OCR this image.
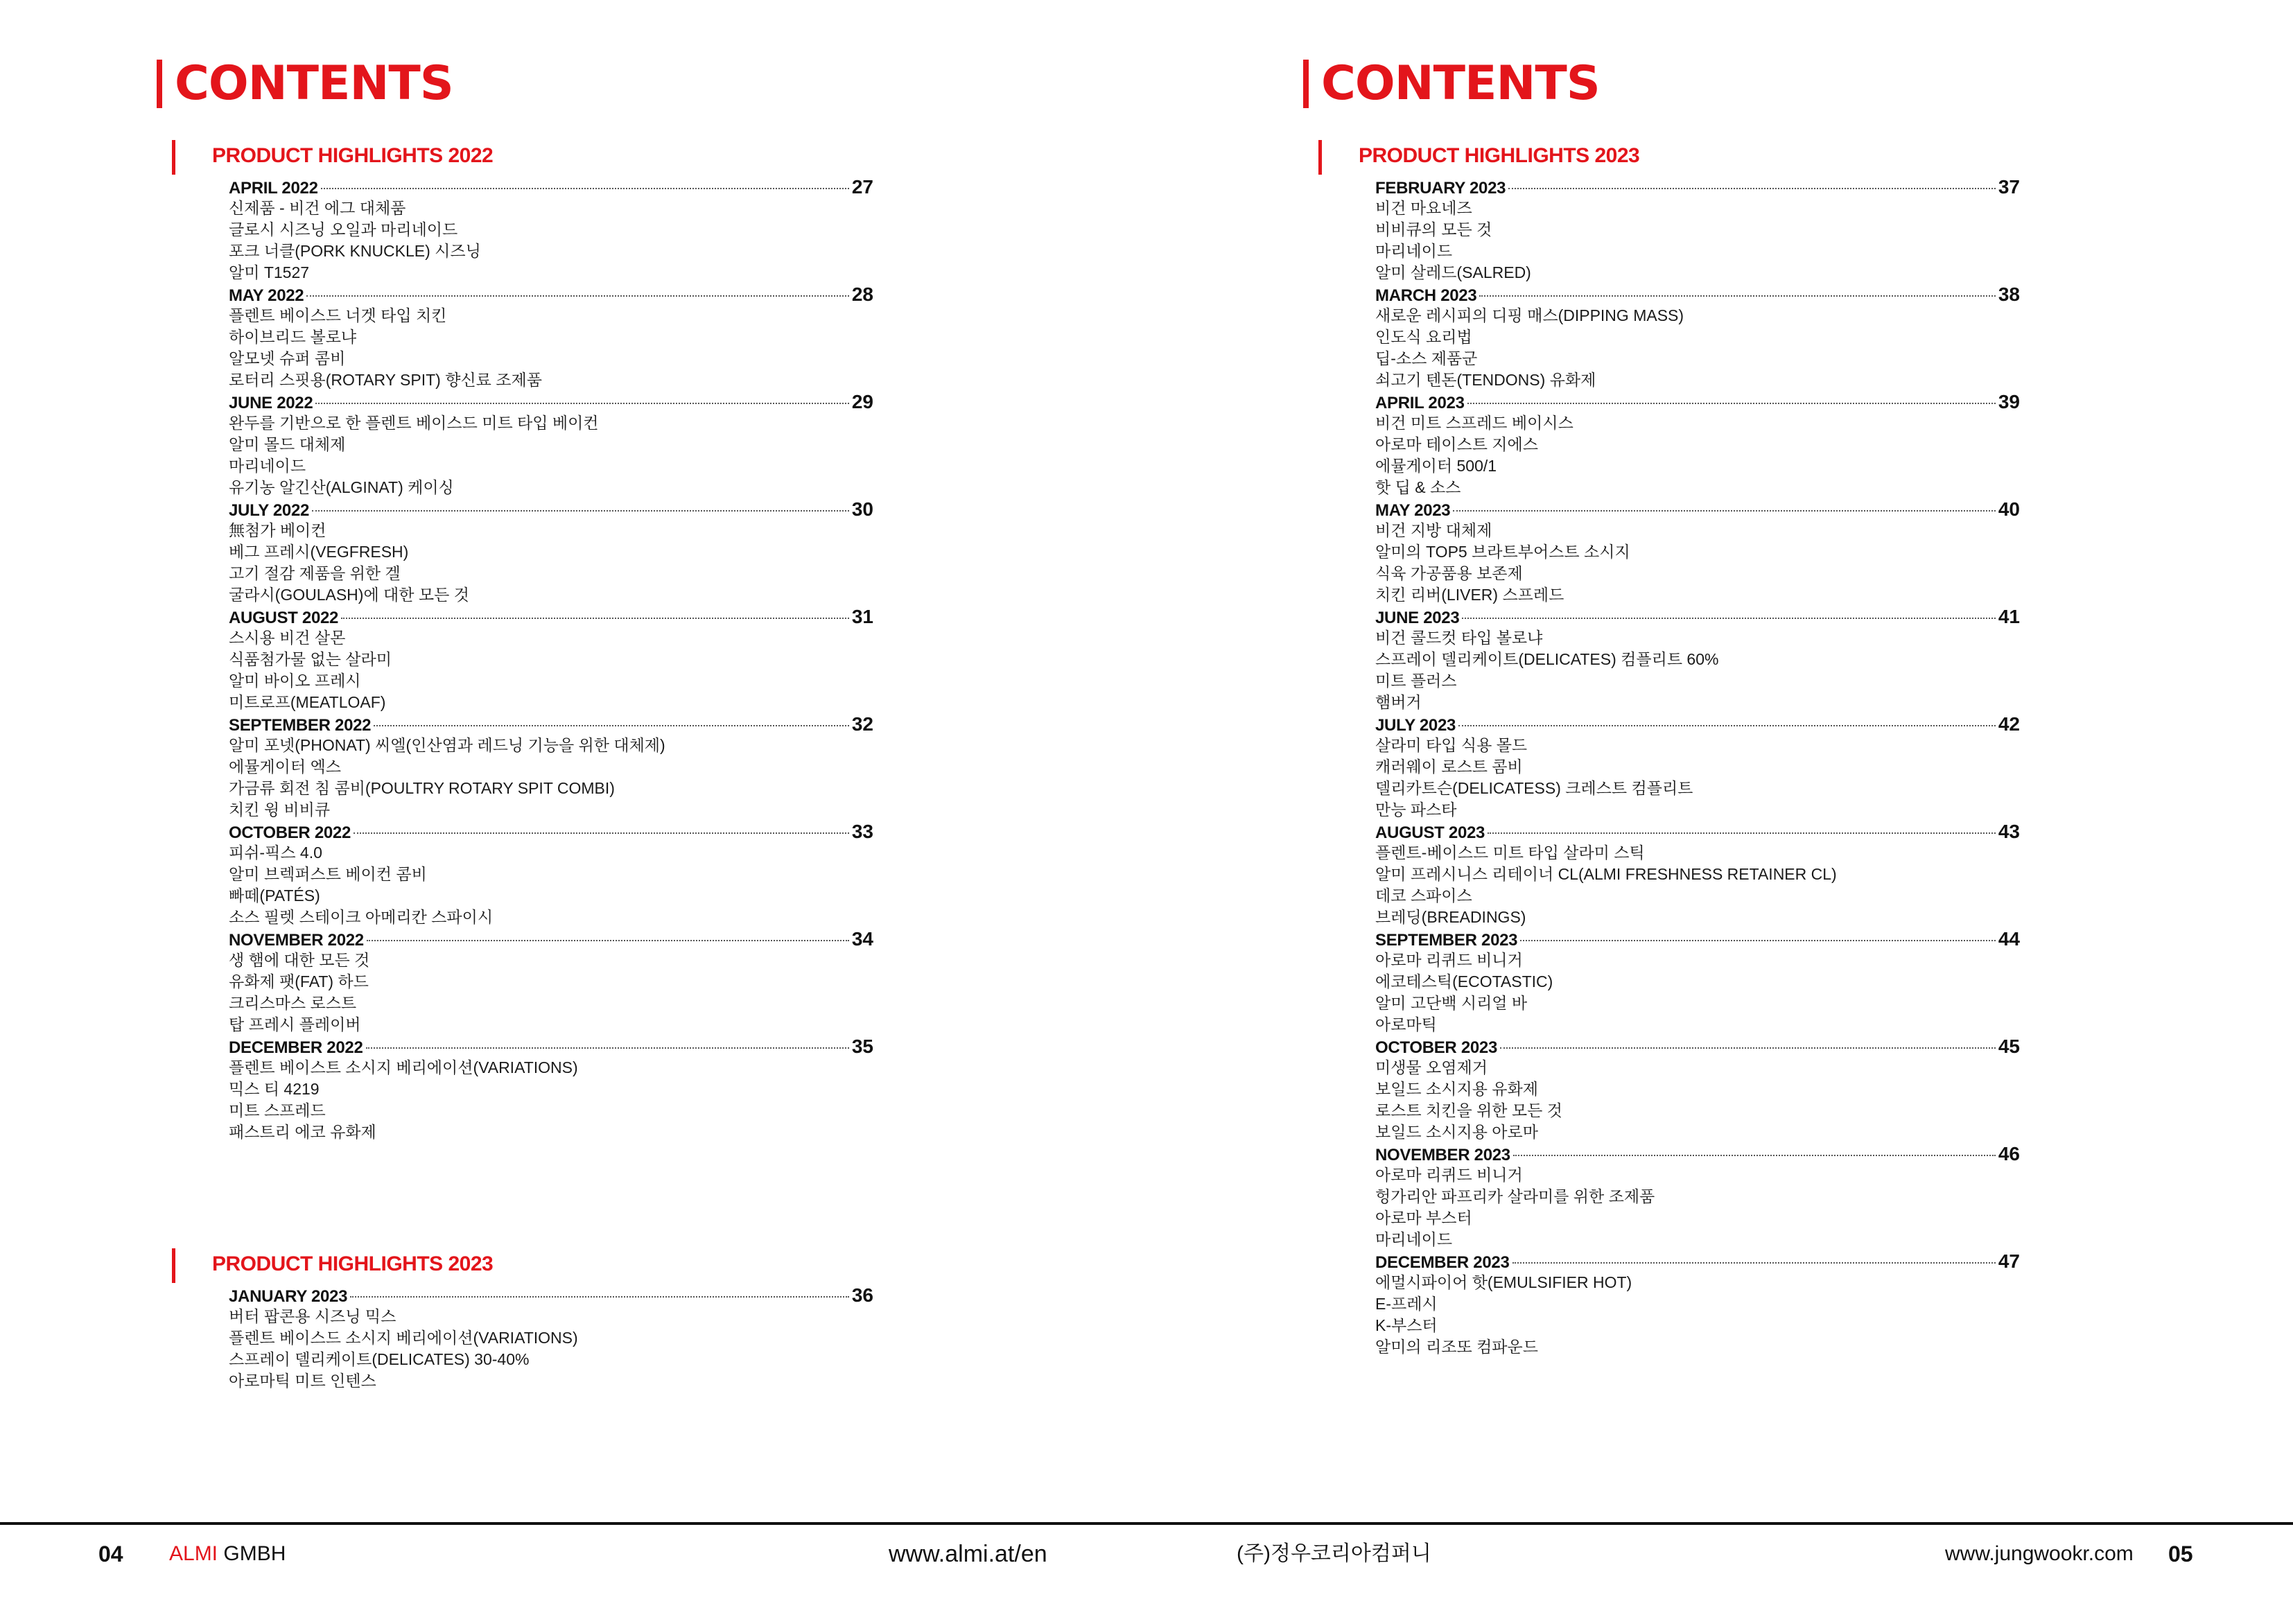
CONTENTS
PRODUCT HIGHLIGHTS 2022
APRIL 2022	27
신제품 - 비건 에그 대체품
글로시 시즈닝 오일과 마리네이드
포크 너클(PORK KNUCKLE) 시즈닝
알미 T1527
MAY 2022	28
플렌트 베이스드 너겟 타입 치킨
하이브리드 볼로냐
알모넷 슈퍼 콤비
로터리 스핏용(ROTARY SPIT) 향신료 조제품
JUNE 2022	29
완두를 기반으로 한 플렌트 베이스드 미트 타입 베이컨
알미 몰드 대체제
마리네이드
유기농 알긴산(ALGINAT) 케이싱
JULY 2022	30
無첨가 베이컨
베그 프레시(VEGFRESH)
고기 절감 제품을 위한 겔
굴라시(GOULASH)에 대한 모든 것
AUGUST 2022	31
스시용 비건 살몬
식품첨가물 없는 살라미
알미 바이오 프레시
미트로프(MEATLOAF)
SEPTEMBER 2022	32
알미 포넷(PHONAT) 씨엘(인산염과 레드닝 기능을 위한 대체제)
에뮬게이터 엑스
가금류 회전 침 콤비(POULTRY ROTARY SPIT COMBI)
치킨 윙 비비큐
OCTOBER 2022	33
피쉬-픽스 4.0
알미 브렉퍼스트 베이컨 콤비
빠떼(PATÉS)
소스 필렛 스테이크 아메리칸 스파이시
NOVEMBER 2022	34
생 햄에 대한 모든 것
유화제 팻(FAT) 하드
크리스마스 로스트
탑 프레시 플레이버
DECEMBER 2022	35
플렌트 베이스트 소시지 베리에이션(VARIATIONS)
믹스 티 4219
미트 스프레드
패스트리 에코 유화제
PRODUCT HIGHLIGHTS 2023
JANUARY 2023	36
버터 팝콘용 시즈닝 믹스
플렌트 베이스드 소시지 베리에이션(VARIATIONS)
스프레이 델리케이트(DELICATES) 30-40%
아로마틱 미트 인텐스
CONTENTS
PRODUCT HIGHLIGHTS 2023
FEBRUARY 2023	37
비건 마요네즈
비비큐의 모든 것
마리네이드
알미 살레드(SALRED)
MARCH 2023	38
새로운 레시피의 디핑 매스(DIPPING MASS)
인도식 요리법
딥-소스 제품군
쇠고기 텐돈(TENDONS) 유화제
APRIL 2023	39
비건 미트 스프레드 베이시스
아로마 테이스트 지에스
에뮬게이터 500/1
핫 딥 & 소스
MAY 2023	40
비건 지방 대체제
알미의 TOP5 브라트부어스트 소시지
식육 가공품용 보존제
치킨 리버(LIVER) 스프레드
JUNE 2023	41
비건 콜드컷 타입 볼로냐
스프레이 델리케이트(DELICATES) 컴플리트 60%
미트 플러스
햄버거
JULY 2023	42
살라미 타입 식용 몰드
캐러웨이 로스트 콤비
델리카트슨(DELICATESS) 크레스트 컴플리트
만능 파스타
AUGUST 2023	43
플렌트-베이스드 미트 타입 살라미 스틱
알미 프레시니스 리테이너 CL(ALMI FRESHNESS RETAINER CL)
데코 스파이스
브레딩(BREADINGS)
SEPTEMBER 2023	44
아로마 리퀴드 비니거
에코테스틱(ECOTASTIC)
알미 고단백 시리얼 바
아로마틱
OCTOBER 2023	45
미생물 오염제거
보일드 소시지용 유화제
로스트 치킨을 위한 모든 것
보일드 소시지용 아로마
NOVEMBER 2023	46
아로마 리퀴드 비니거
헝가리안 파프리카 살라미를 위한 조제품
아로마 부스터
마리네이드
DECEMBER 2023	47
에멀시파이어 핫(EMULSIFIER HOT)
E-프레시
K-부스터
알미의 리조또 컴파운드
04 ALMI GMBH	www.almi.at/en	(주)정우코리아컴퍼니	www.jungwookr.com 05
